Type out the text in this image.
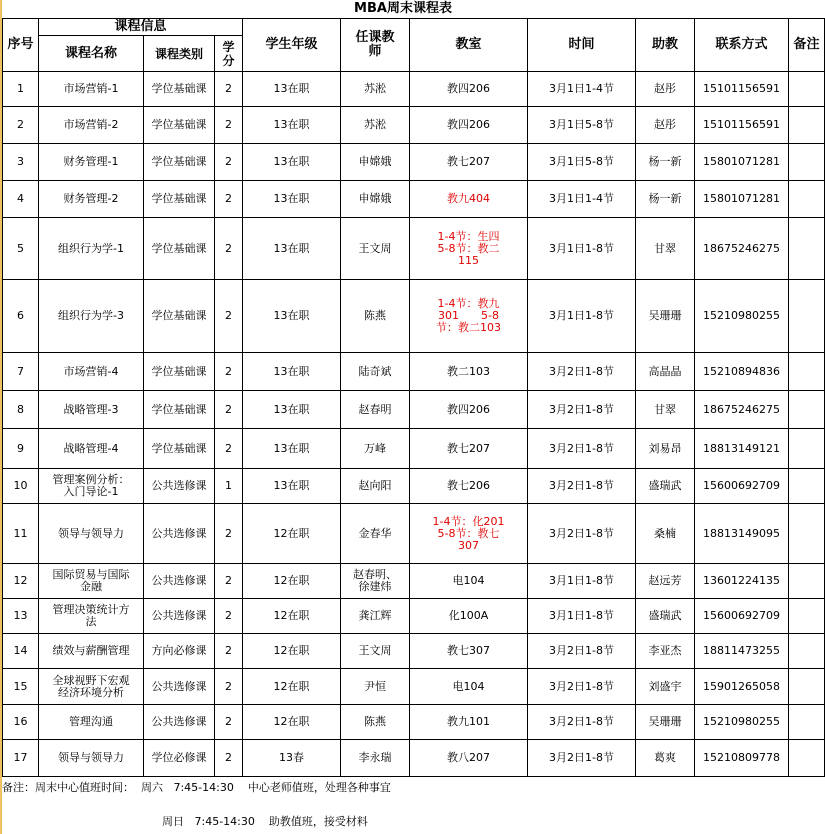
MBA周末课程表
序号	课程信息			学生年级	任课教师	教室	时间	助教	联系方式	备注
	课程名称	课程类别	学分							
1	市场营销-1	学位基础课	2	13在职	苏淞	教四206	3月1日1-4节	赵彤	15101156591	
2	市场营销-2	学位基础课	2	13在职	苏淞	教四206	3月1日5-8节	赵彤	15101156591	
3	财务管理-1	学位基础课	2	13在职	申嫦娥	教七207	3月1日5-8节	杨一新	15801071281	
4	财务管理-2	学位基础课	2	13在职	申嫦娥	教九404	3月1日1-4节	杨一新	15801071281	
5	组织行为学-1	学位基础课	2	13在职	王文周	1-4节：生四
5-8节：教二
115	3月1日1-8节	甘翠	18675246275	
6	组织行为学-3	学位基础课	2	13在职	陈燕	1-4节：教九
301　　5-8
节：教二103	3月1日1-8节	吴珊珊	15210980255	
7	市场营销-4	学位基础课	2	13在职	陆奇斌	教二103	3月2日1-8节	高晶晶	15210894836	
8	战略管理-3	学位基础课	2	13在职	赵春明	教四206	3月2日1-8节	甘翠	18675246275	
9	战略管理-4	学位基础课	2	13在职	万峰	教七207	3月2日1-8节	刘易昂	18813149121	
10	管理案例分析：
入门导论-1	公共选修课	1	13在职	赵向阳	教七206	3月2日1-8节	盛瑞武	15600692709	
11	领导与领导力	公共选修课	2	12在职	金春华	1-4节：化201
5-8节：教七
307	3月2日1-8节	桑楠	18813149095	
12	国际贸易与国际
金融	公共选修课	2	12在职	赵春明、
徐建炜	电104	3月1日1-8节	赵远芳	13601224135	
13	管理决策统计方
法	公共选修课	2	12在职	龚江辉	化100A	3月1日1-8节	盛瑞武	15600692709	
14	绩效与薪酬管理	方向必修课	2	12在职	王文周	教七307	3月2日1-8节	李亚杰	18811473255	
15	全球视野下宏观
经济环境分析	公共选修课	2	12在职	尹恒	电104	3月2日1-8节	刘盛宇	15901265058	
16	管理沟通	公共选修课	2	12在职	陈燕	教九101	3月2日1-8节	吴珊珊	15210980255	
17	领导与领导力	学位必修课	2	13春	李永瑞	教八207	3月2日1-8节	葛爽	15210809778	
备注：周末中心值班时间：  周六   7:45-14:30    中心老师值班，处理各种事宜
周日   7:45-14:30    助教值班，接受材料
